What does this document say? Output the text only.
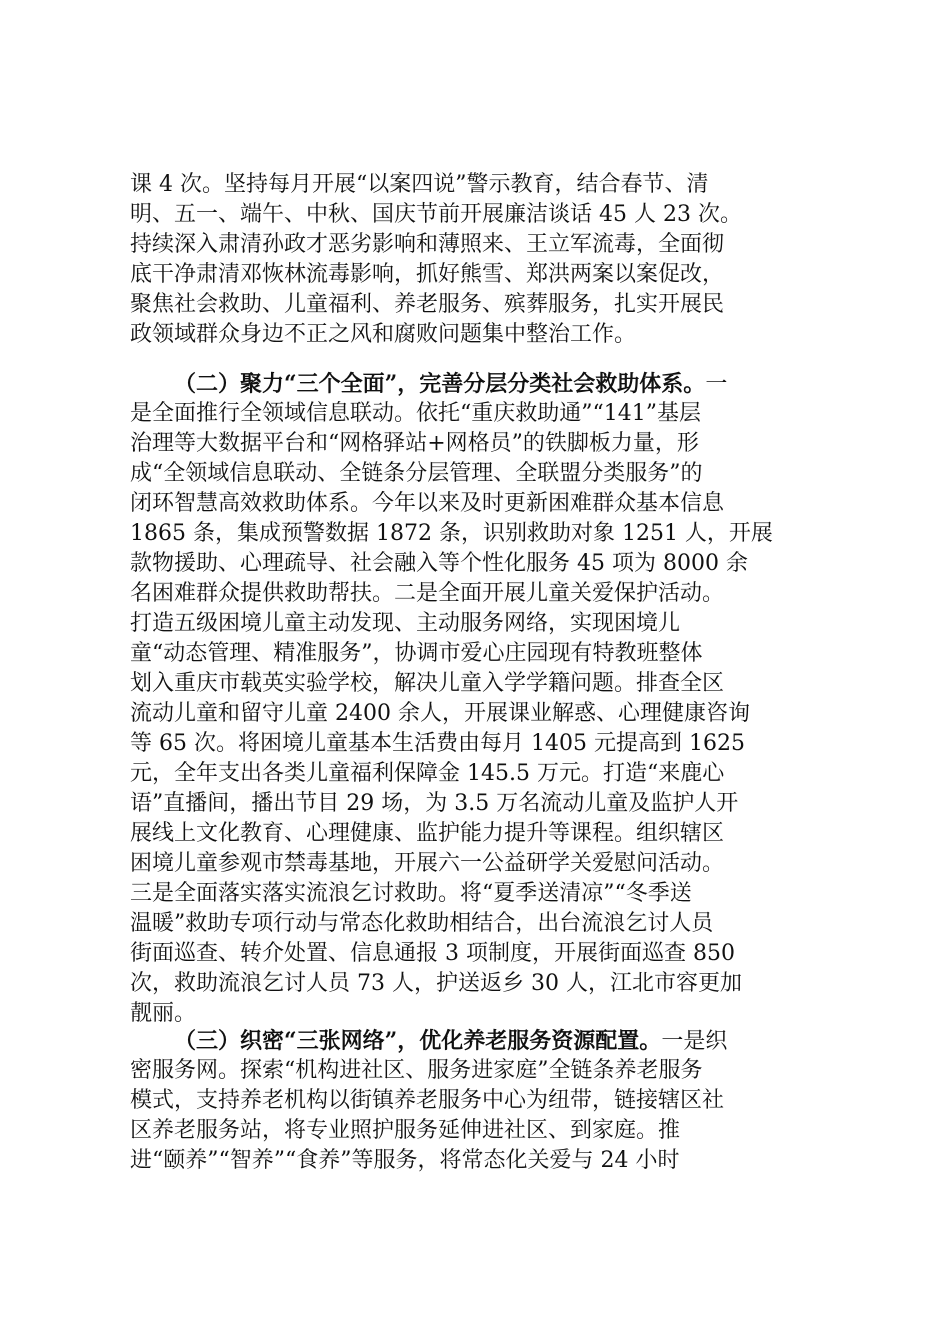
课 4 次。坚持每月开展“以案四说”警示教育，结合春节、清
明、五一、端午、中秋、国庆节前开展廉洁谈话 45 人 23 次。
持续深入肃清孙政才恶劣影响和薄照来、王立军流毒，全面彻
底干净肃清邓恢林流毒影响，抓好熊雪、郑洪两案以案促改，
聚焦社会救助、儿童福利、养老服务、殡葬服务，扎实开展民
政领域群众身边不正之风和腐败问题集中整治工作。
（二）聚力“三个全面”，完善分层分类社会救助体系。一
是全面推行全领域信息联动。依托“重庆救助通”“141”基层
治理等大数据平台和“网格驿站+网格员”的铁脚板力量，形
成“全领域信息联动、全链条分层管理、全联盟分类服务”的
闭环智慧高效救助体系。今年以来及时更新困难群众基本信息
1865 条，集成预警数据 1872 条，识别救助对象 1251 人，开展
款物援助、心理疏导、社会融入等个性化服务 45 项为 8000 余
名困难群众提供救助帮扶。二是全面开展儿童关爱保护活动。
打造五级困境儿童主动发现、主动服务网络，实现困境儿
童“动态管理、精准服务”，协调市爱心庄园现有特教班整体
划入重庆市载英实验学校，解决儿童入学学籍问题。排查全区
流动儿童和留守儿童 2400 余人，开展课业解惑、心理健康咨询
等 65 次。将困境儿童基本生活费由每月 1405 元提高到 1625
元，全年支出各类儿童福利保障金 145.5 万元。打造“来鹿心
语”直播间，播出节目 29 场，为 3.5 万名流动儿童及监护人开
展线上文化教育、心理健康、监护能力提升等课程。组织辖区
困境儿童参观市禁毒基地，开展六一公益研学关爱慰问活动。
三是全面落实落实流浪乞讨救助。将“夏季送清凉”“冬季送
温暖”救助专项行动与常态化救助相结合，出台流浪乞讨人员
街面巡查、转介处置、信息通报 3 项制度，开展街面巡查 850
次，救助流浪乞讨人员 73 人，护送返乡 30 人，江北市容更加
靓丽。
（三）织密“三张网络”，优化养老服务资源配置。一是织
密服务网。探索“机构进社区、服务进家庭”全链条养老服务
模式，支持养老机构以街镇养老服务中心为纽带，链接辖区社
区养老服务站，将专业照护服务延伸进社区、到家庭。推
进“颐养”“智养”“食养”等服务，将常态化关爱与 24 小时
